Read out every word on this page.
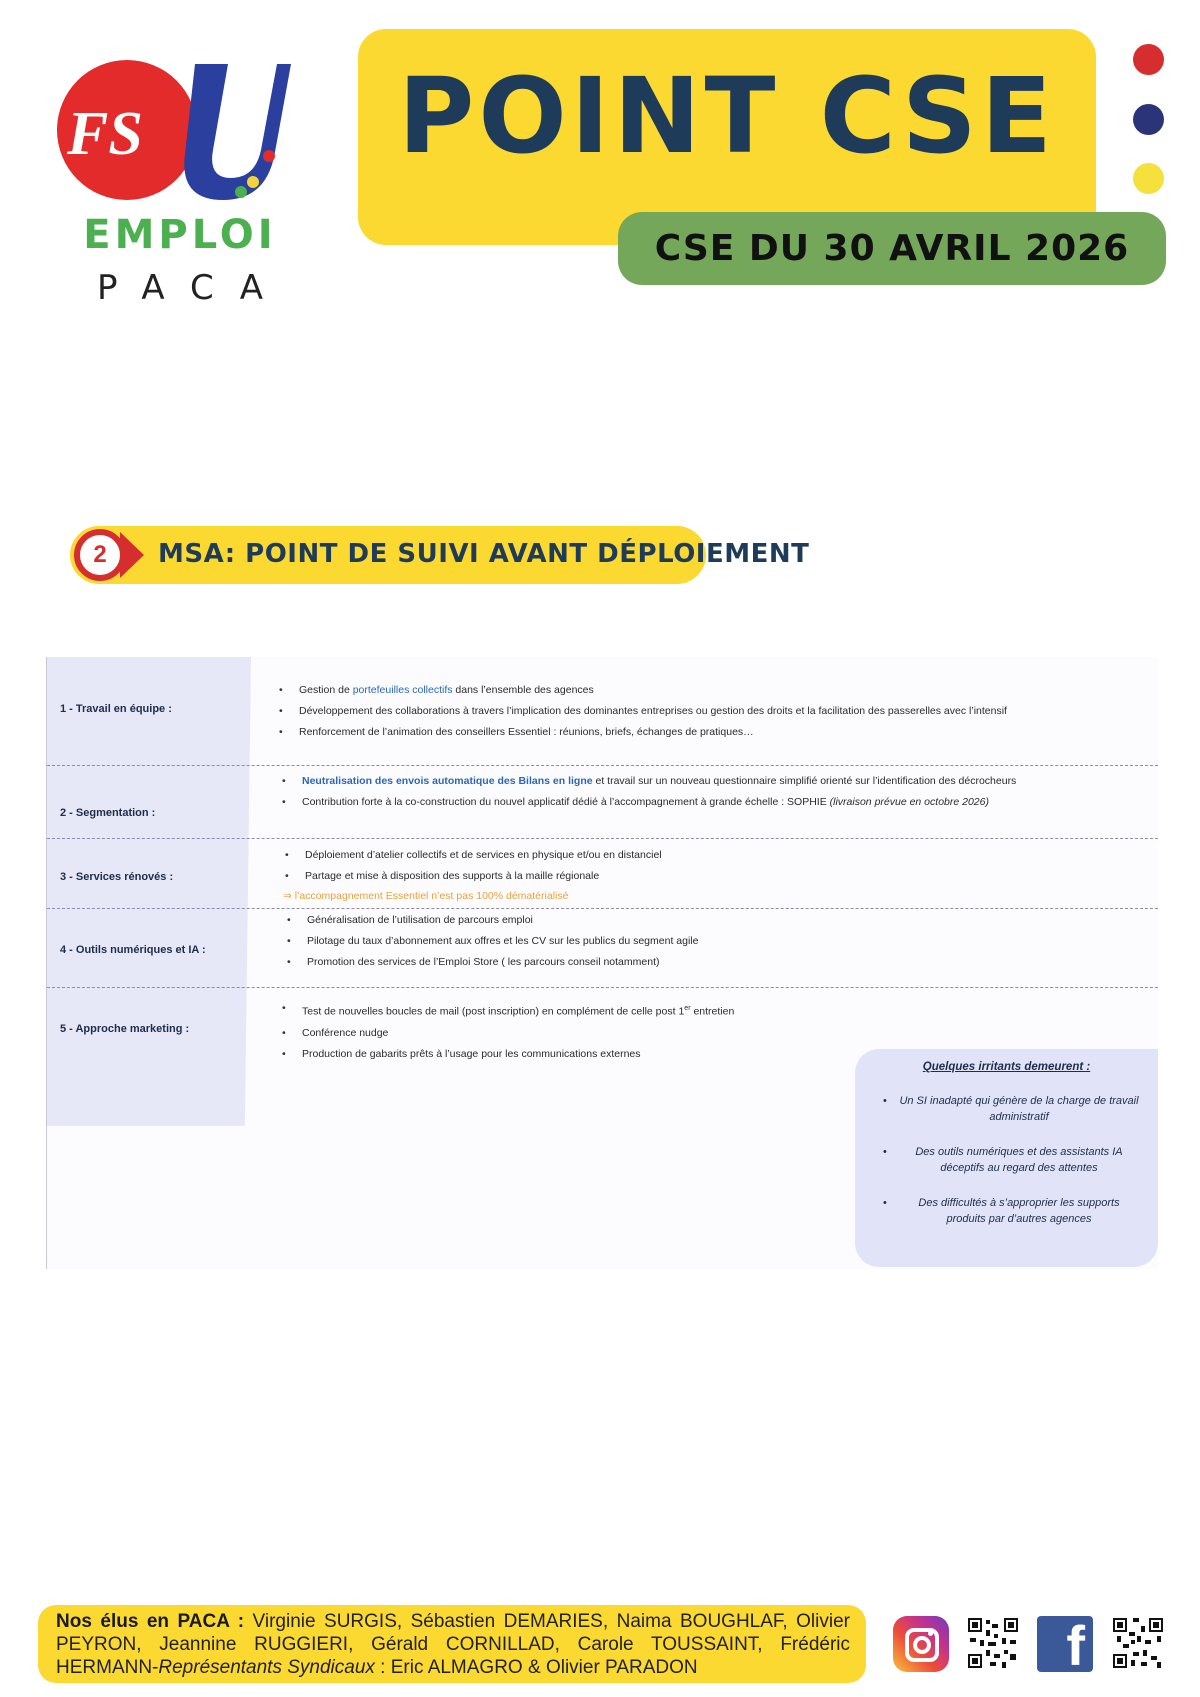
FS
EMPLOI
PACA
POINT CSE
CSE DU 30 AVRIL 2026
2	MSA: POINT DE SUIVI AVANT DÉPLOIEMENT
1 - Travail en équipe :
• Gestion de portefeuilles collectifs dans l’ensemble des agences
• Développement des collaborations à travers l’implication des dominantes entreprises ou gestion des droits et la facilitation des passerelles avec l’intensif
• Renforcement de l’animation des conseillers Essentiel : réunions, briefs, échanges de pratiques…
2 - Segmentation :
• Neutralisation des envois automatique des Bilans en ligne et travail sur un nouveau questionnaire simplifié orienté sur l’identification des décrocheurs
• Contribution forte à la co-construction du nouvel applicatif dédié à l’accompagnement à grande échelle : SOPHIE (livraison prévue en octobre 2026)
3 - Services rénovés :
• Déploiement d’atelier collectifs et de services en physique et/ou en distanciel
• Partage et mise à disposition des supports à la maille régionale
⇒ l’accompagnement Essentiel n’est pas 100% dématérialisé
4 - Outils numériques et IA :
• Généralisation de l’utilisation de parcours emploi
• Pilotage du taux d’abonnement aux offres et les CV sur les publics du segment agile
• Promotion des services de l’Emploi Store ( les parcours conseil notamment)
5 - Approche marketing :
• Test de nouvelles boucles de mail (post inscription) en complément de celle post 1er entretien
• Conférence nudge
• Production de gabarits prêts à l’usage pour les communications externes
Quelques irritants demeurent :
• Un SI inadapté qui génère de la charge de travail administratif
• Des outils numériques et des assistants IA déceptifs au regard des attentes
• Des difficultés à s’approprier les supports produits par d’autres agences
Nos élus en PACA : Virginie SURGIS, Sébastien DEMARIES, Naima BOUGHLAF, Olivier PEYRON, Jeannine RUGGIERI, Gérald CORNILLAD, Carole TOUSSAINT, Frédéric HERMANN-Représentants Syndicaux : Eric ALMAGRO & Olivier PARADON	f
